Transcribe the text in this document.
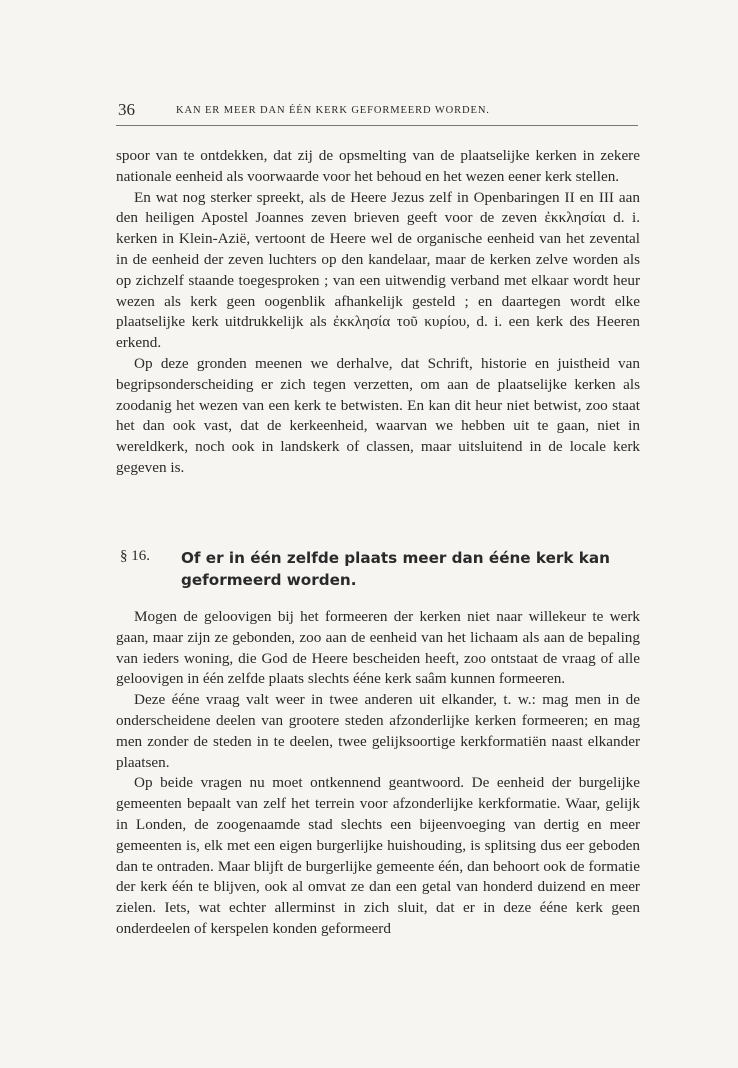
36	KAN ER MEER DAN ÉÉN KERK GEFORMEERD WORDEN.

spoor van te ontdekken, dat zij de opsmelting van de plaatselijke kerken in zekere nationale eenheid als voorwaarde voor het behoud en het wezen eener kerk stellen.

En wat nog sterker spreekt, als de Heere Jezus zelf in Openbaringen II en III aan den heiligen Apostel Joannes zeven brieven geeft voor de zeven ἐκκλησίαι d. i. kerken in Klein-Azië, vertoont de Heere wel de organische eenheid van het zevental in de eenheid der zeven luchters op den kandelaar, maar de kerken zelve worden als op zichzelf staande toegesproken ; van een uitwendig verband met elkaar wordt heur wezen als kerk geen oogenblik afhankelijk gesteld ; en daartegen wordt elke plaatselijke kerk uitdrukkelijk als ἐκκλησία τοῦ κυρίου, d. i. een kerk des Heeren erkend.

Op deze gronden meenen we derhalve, dat Schrift, historie en juistheid van begripsonderscheiding er zich tegen verzetten, om aan de plaatselijke kerken als zoodanig het wezen van een kerk te betwisten. En kan dit heur niet betwist, zoo staat het dan ook vast, dat de kerkeenheid, waarvan we hebben uit te gaan, niet in wereldkerk, noch ook in landskerk of classen, maar uitsluitend in de locale kerk gegeven is.

§ 16. Of er in één zelfde plaats meer dan éénе kerk kan geformeerd worden.

Mogen de geloovigen bij het formeeren der kerken niet naar willekeur te werk gaan, maar zijn ze gebonden, zoo aan de eenheid van het lichaam als aan de bepaling van ieders woning, die God de Heere bescheiden heeft, zoo ontstaat de vraag of alle geloovigen in één zelfde plaats slechts éénе kerk saâm kunnen formeeren.

Deze éénе vraag valt weer in twee anderen uit elkander, t. w.: mag men in de onderscheidene deelen van grootere steden afzonderlijke kerken formeeren; en mag men zonder de steden in te deelen, twee gelijksoortige kerkformatiën naast elkander plaatsen.

Op beide vragen nu moet ontkennend geantwoord. De eenheid der burgelijke gemeenten bepaalt van zelf het terrein voor afzonderlijke kerkformatie. Waar, gelijk in Londen, de zoogenaamde stad slechts een bijeenvoeging van dertig en meer gemeenten is, elk met een eigen burgerlijke huishouding, is splitsing dus eer geboden dan te ontraden. Maar blijft de burgerlijke gemeente één, dan behoort ook de formatie der kerk één te blijven, ook al omvat ze dan een getal van honderd duizend en meer zielen. Iets, wat echter allerminst in zich sluit, dat er in deze éénе kerk geen onderdeelen of kerspelen konden geformeerd
